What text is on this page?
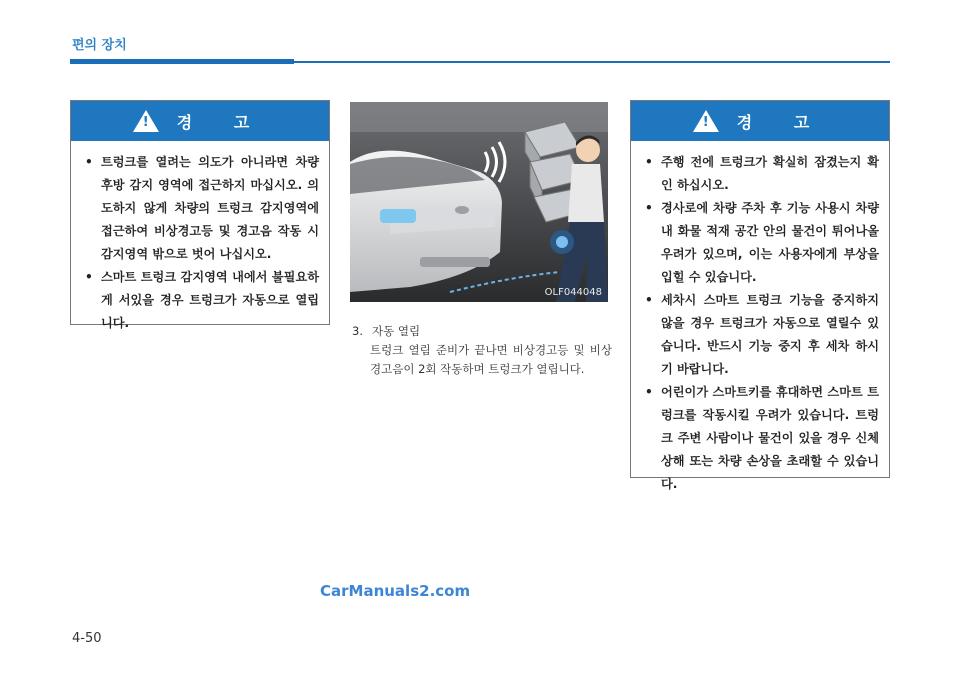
편의 장치
! 경 고
• 트렁크를 열려는 의도가 아니라면 차량 후방 감지 영역에 접근하지 마십시오. 의도하지 않게 차량의 트렁크 감지영역에 접근하여 비상경고등 및 경고음 작동 시 감지영역 밖으로 벗어 나십시오.
• 스마트 트렁크 감지영역 내에서 불필요하게 서있을 경우 트렁크가 자동으로 열립니다.
OLF044048
3. 자동 열림
트렁크 열림 준비가 끝나면 비상경고등 및 비상 경고음이 2회 작동하며 트렁크가 열립니다.
! 경 고
• 주행 전에 트렁크가 확실히 잠겼는지 확인 하십시오.
• 경사로에 차량 주차 후 기능 사용시 차량내 화물 적재 공간 안의 물건이 튀어나올 우려가 있으며, 이는 사용자에게 부상을 입힐 수 있습니다.
• 세차시 스마트 트렁크 기능을 중지하지 않을 경우 트렁크가 자동으로 열릴수 있습니다. 반드시 기능 중지 후 세차 하시기 바랍니다.
• 어린이가 스마트키를 휴대하면 스마트 트렁크를 작동시킬 우려가 있습니다. 트렁크 주변 사람이나 물건이 있을 경우 신체 상해 또는 차량 손상을 초래할 수 있습니다.
CarManuals2.com
4-50
